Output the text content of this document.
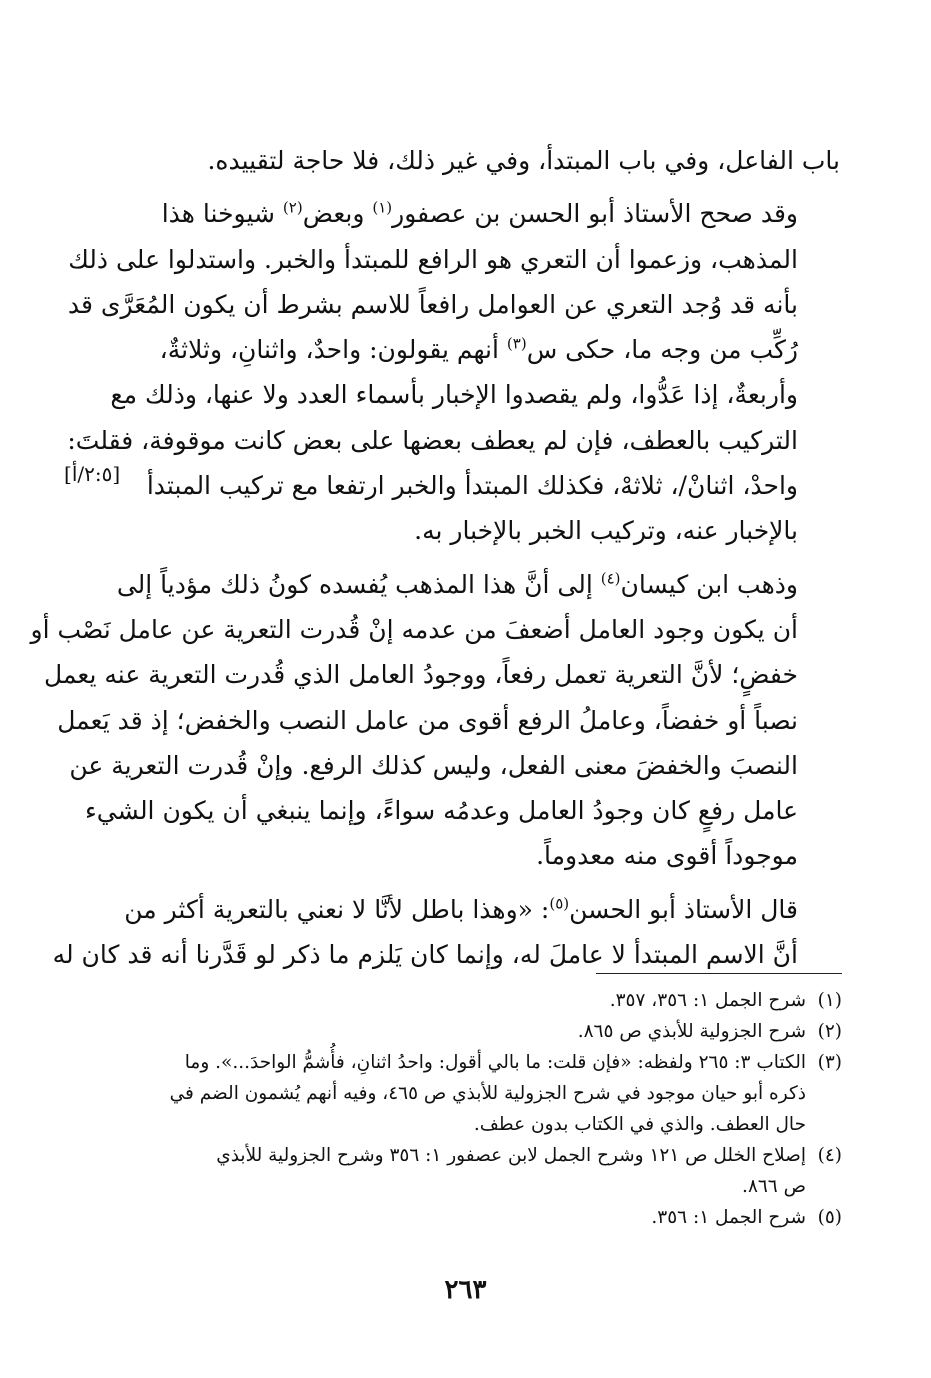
باب الفاعل، وفي باب المبتدأ، وفي غير ذلك، فلا حاجة لتقييده.

وقد صحح الأستاذ أبو الحسن بن عصفور$^{(١)}$ وبعض$^{(٢)}$ شيوخنا هذا
المذهب، وزعموا أن التعري هو الرافع للمبتدأ والخبر. واستدلوا على ذلك
بأنه قد وُجد التعري عن العوامل رافعاً للاسم بشرط أن يكون المُعَرَّى قد
رُكِّب من وجه ما، حكى س$^{(٣)}$ أنهم يقولون: واحدٌ، واثنانِ، وثلاثةٌ،
وأربعةٌ، إذا عَدُّوا، ولم يقصدوا الإخبار بأسماء العدد ولا عنها، وذلك مع
التركيب بالعطف، فإن لم يعطف بعضها على بعض كانت موقوفة، فقلتَ:
واحدْ، اثنانْ/، ثلاثهْ، فكذلك المبتدأ والخبر ارتفعا مع تركيب المبتدأ
بالإخبار عنه، وتركيب الخبر بالإخبار به.

وذهب ابن كيسان$^{(٤)}$ إلى أنَّ هذا المذهب يُفسده كونُ ذلك مؤدياً إلى
أن يكون وجود العامل أضعفَ من عدمه إنْ قُدرت التعرية عن عامل نَصْب أو
خفضٍ؛ لأنَّ التعرية تعمل رفعاً، ووجودُ العامل الذي قُدرت التعرية عنه يعمل
نصباً أو خفضاً، وعاملُ الرفع أقوى من عامل النصب والخفض؛ إذ قد يَعمل
النصبَ والخفضَ معنى الفعل، وليس كذلك الرفع. وإنْ قُدرت التعرية عن
عامل رفعٍ كان وجودُ العامل وعدمُه سواءً، وإنما ينبغي أن يكون الشيء
موجوداً أقوى منه معدوماً.

قال الأستاذ أبو الحسن$^{(٥)}$: «وهذا باطل لأنَّا لا نعني بالتعرية أكثر من
أنَّ الاسم المبتدأ لا عاملَ له، وإنما كان يَلزم ما ذكر لو قَدَّرنا أنه قد كان له

[٢:٥/أ]
(١)
شرح الجمل ١: ٣٥٦، ٣٥٧.
(٢)
شرح الجزولية للأبذي ص ٨٦٥.
(٣)
الكتاب ٣: ٢٦٥ ولفظه: «فإن قلت: ما بالي أقول: واحدُ اثنانِ، فأُشمُّ الواحدَ...». وما
ذكره أبو حيان موجود في شرح الجزولية للأبذي ص ٤٦٥، وفيه أنهم يُشمون الضم في
حال العطف. والذي في الكتاب بدون عطف.
(٤)
إصلاح الخلل ص ١٢١ وشرح الجمل لابن عصفور ١: ٣٥٦ وشرح الجزولية للأبذي
ص ٨٦٦.
(٥)
شرح الجمل ١: ٣٥٦.
٢٦٣
